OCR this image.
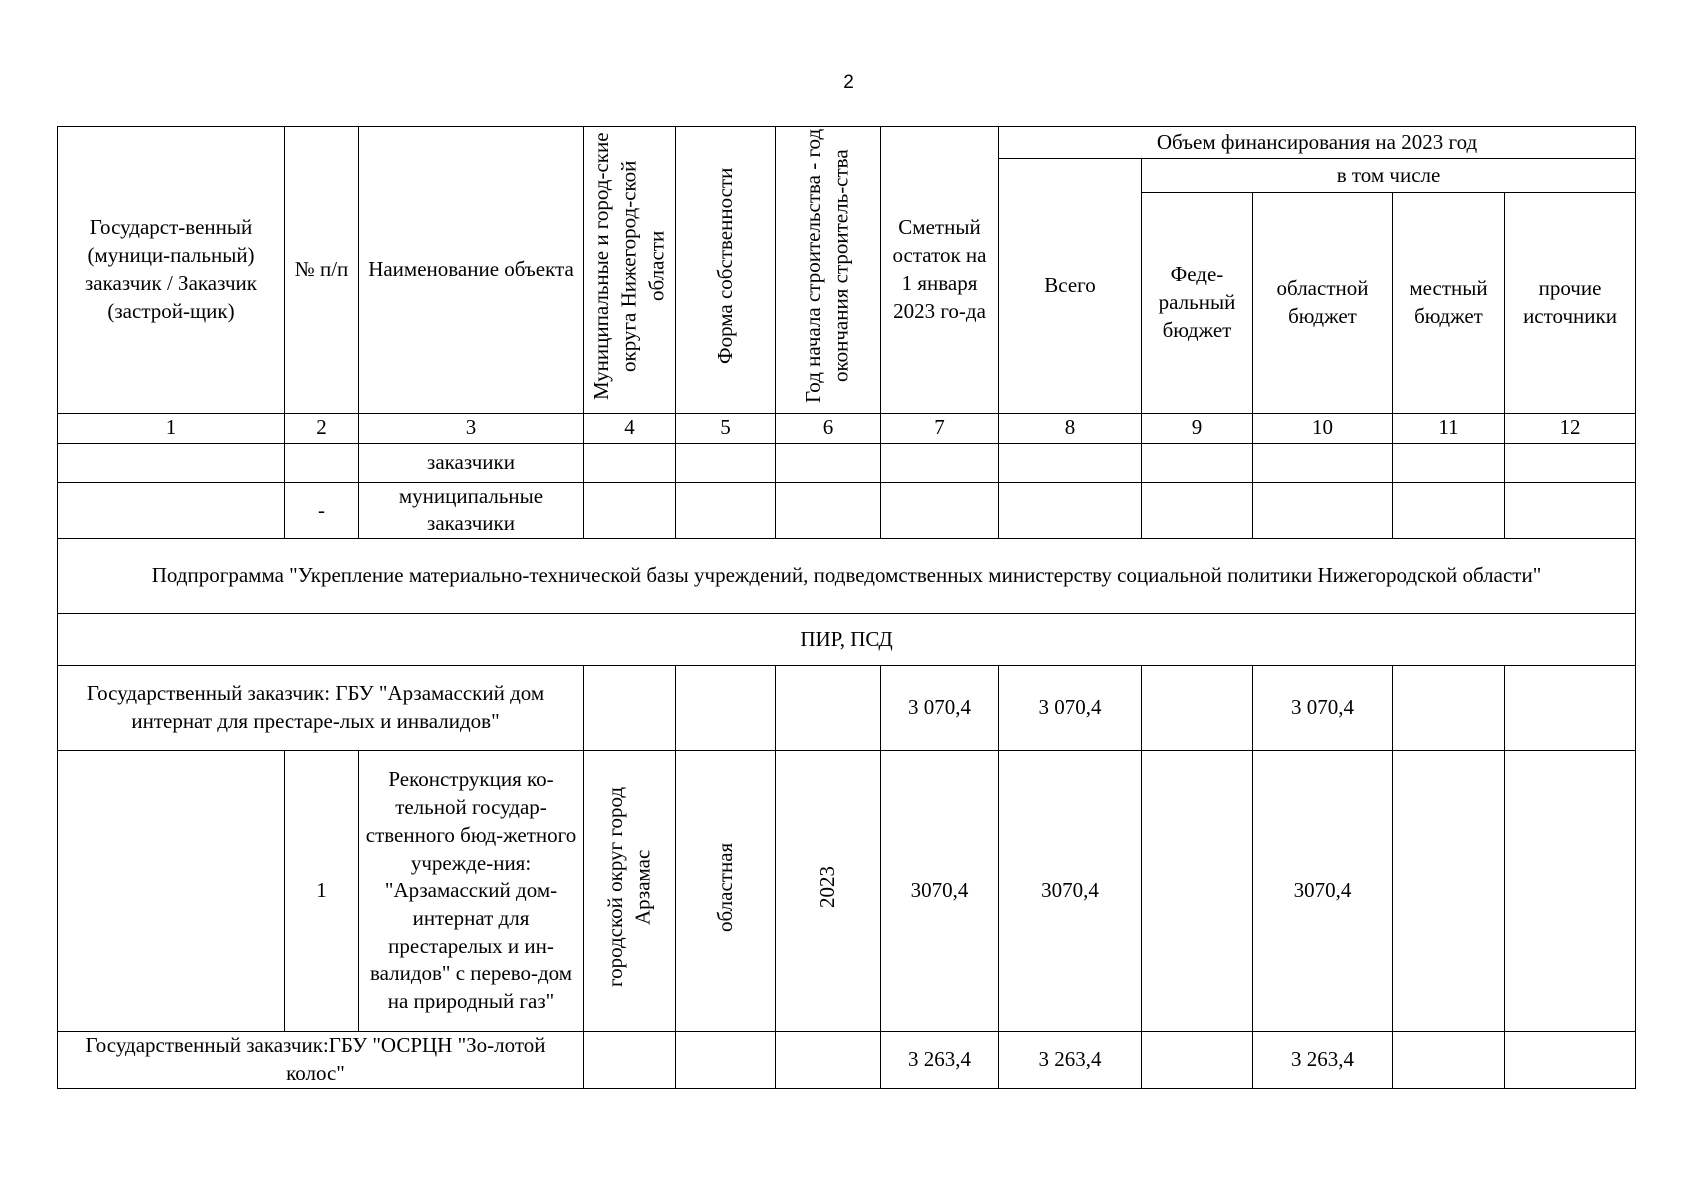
2
Государст-венный (муници-пальный) заказчик / Заказчик (застрой-щик)	№ п/п	Наименование объекта	Муниципальные и город-ские округа Нижегород-ской области	Форма собственности	Год начала строительства - год окончания строитель-ства	Сметный остаток на 1 января 2023 го-да	Объем финансирования на 2023 год				
							Всего	в том числе			
								Феде-ральный бюджет	областной бюджет	местный бюджет	прочие источники
1	2	3	4	5	6	7	8	9	10	11	12
		заказчики									
	-	муниципальные заказчики									
Подпрограмма "Укрепление материально-технической базы учреждений, подведомственных министерству социальной политики Нижегородской области"											
ПИР, ПСД											
Государственный заказчик: ГБУ "Арзамасский дом интернат для престаре-лых и инвалидов"						3 070,4	3 070,4		3 070,4		
	1	Реконструкция ко-тельной государ-ственного бюд-жетного учрежде-ния: "Арзамасский дом-интернат для престарелых и ин-валидов" с перево-дом на природный газ"	городской округ город Арзамас	областная	2023	3070,4	3070,4		3070,4		
Государственный заказчик:ГБУ "ОСРЦН "Зо-лотой колос"						3 263,4	3 263,4		3 263,4		
